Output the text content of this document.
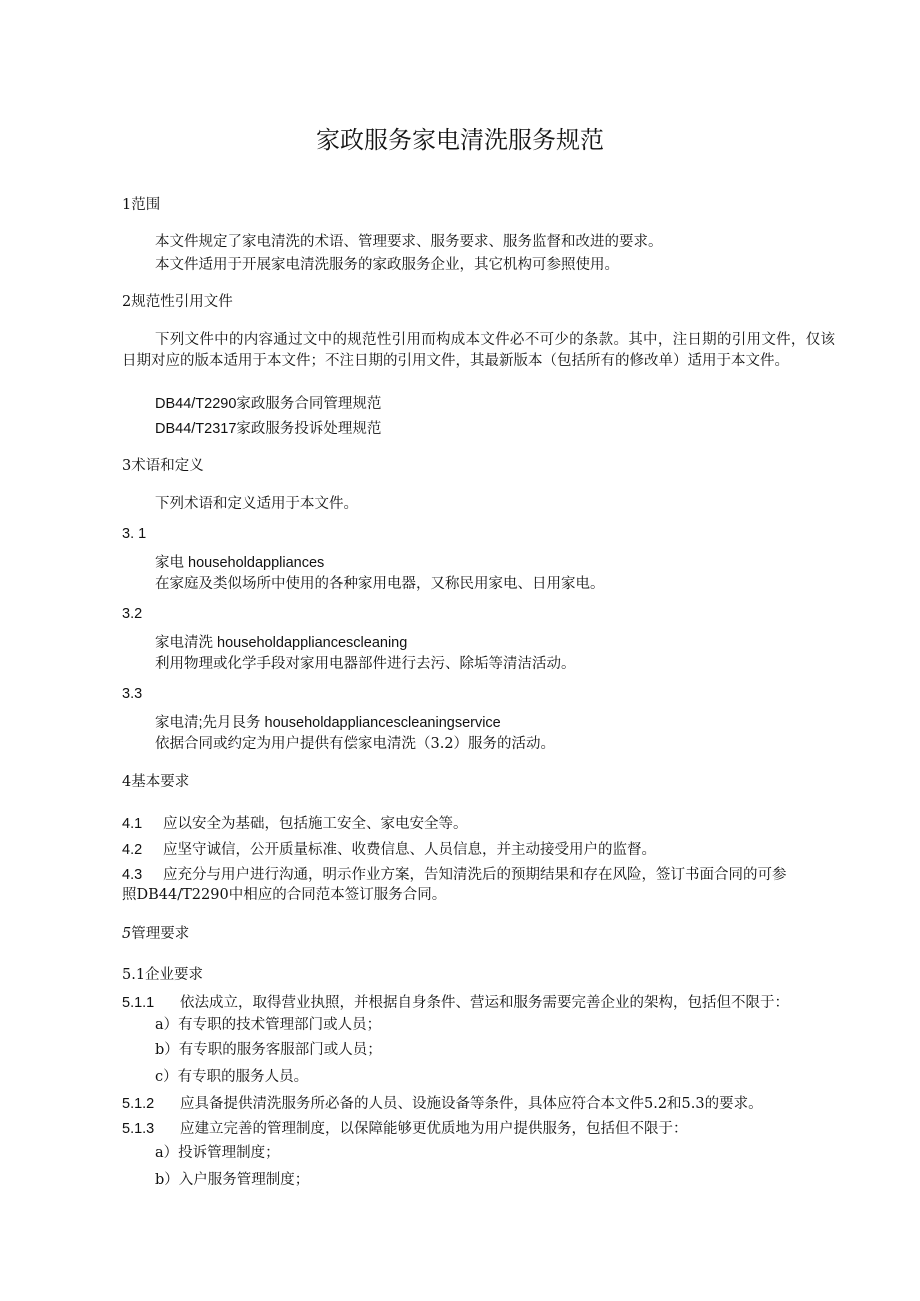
家政服务家电清洗服务规范
1范围
本文件规定了家电清洗的术语、管理要求、服务要求、服务监督和改进的要求。
本文件适用于开展家电清洗服务的家政服务企业，其它机构可参照使用。
2规范性引用文件
下列文件中的内容通过文中的规范性引用而构成本文件必不可少的条款。其中，注日期的引用文件，仅该日期对应的版本适用于本文件；不注日期的引用文件，其最新版本（包括所有的修改单）适用于本文件。
DB44/T2290家政服务合同管理规范
DB44/T2317家政服务投诉处理规范
3术语和定义
下列术语和定义适用于本文件。
3. 1
家电 householdappliances
在家庭及类似场所中使用的各种家用电器，又称民用家电、日用家电。
3.2
家电清洗 householdappliancescleaning
利用物理或化学手段对家用电器部件进行去污、除垢等清洁活动。
3.3
家电清;先月艮务 householdappliancescleaningservice
依据合同或约定为用户提供有偿家电清洗（3.2）服务的活动。
4基本要求
4.1 应以安全为基础，包括施工安全、家电安全等。
4.2 应坚守诚信，公开质量标准、收费信息、人员信息，并主动接受用户的监督。
4.3 应充分与用户进行沟通，明示作业方案，告知清洗后的预期结果和存在风险，签订书面合同的可参
照DB44/T2290中相应的合同范本签订服务合同。
5管理要求
5.1企业要求
5.1.1 依法成立，取得营业执照，并根据自身条件、营运和服务需要完善企业的架构，包括但不限于：
a）有专职的技术管理部门或人员；
b）有专职的服务客服部门或人员；
c）有专职的服务人员。
5.1.2 应具备提供清洗服务所必备的人员、设施设备等条件，具体应符合本文件5.2和5.3的要求。
5.1.3 应建立完善的管理制度，以保障能够更优质地为用户提供服务，包括但不限于：
a）投诉管理制度；
b）入户服务管理制度；
